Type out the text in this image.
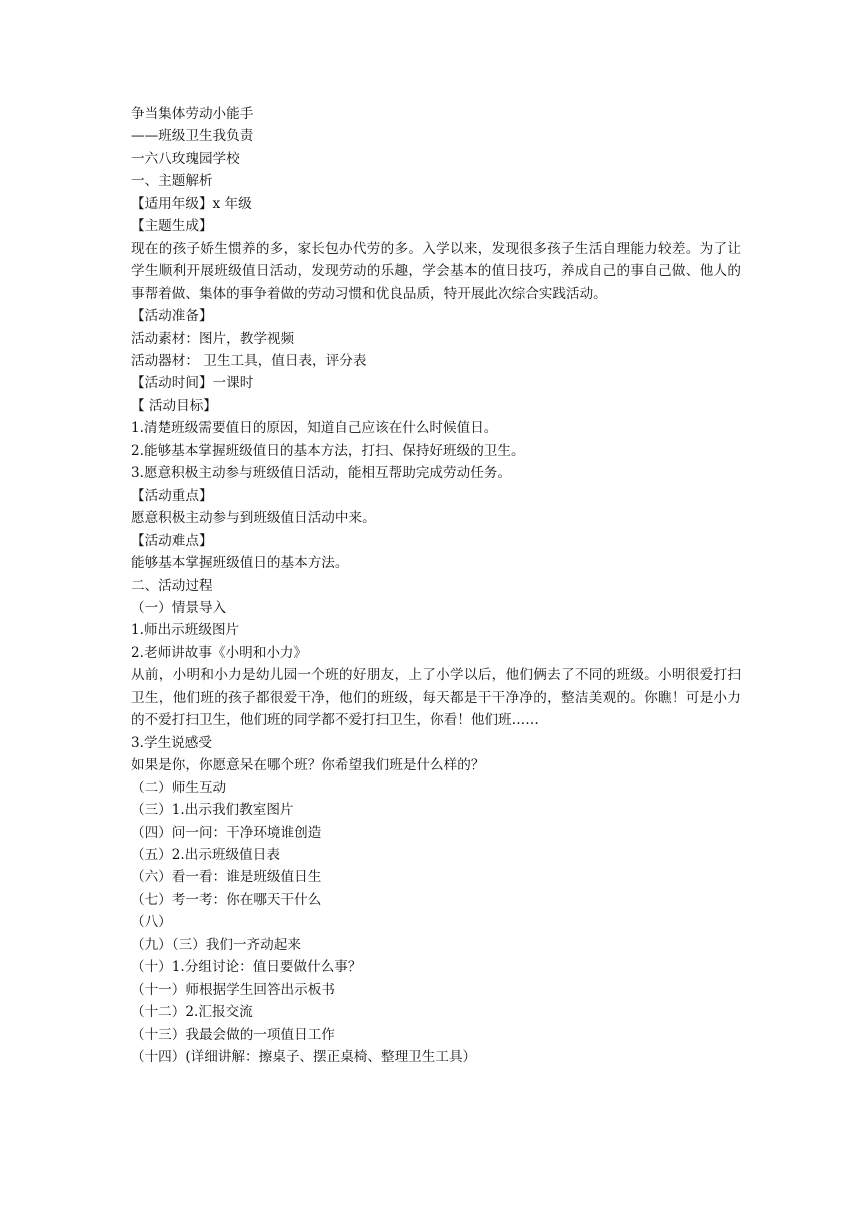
争当集体劳动小能手
——班级卫生我负责
一六八玫瑰园学校
一、主题解析
【适用年级】x 年级
【主题生成】
现在的孩子娇生惯养的多，家长包办代劳的多。入学以来，发现很多孩子生活自理能力较差。为了让学生顺利开展班级值日活动，发现劳动的乐趣，学会基本的值日技巧，养成自己的事自己做、他人的事帮着做、集体的事争着做的劳动习惯和优良品质，特开展此次综合实践活动。
【活动准备】
活动素材：图片，教学视频
活动器材： 卫生工具，值日表，评分表
【活动时间】一课时
【 活动目标】
1.清楚班级需要值日的原因，知道自己应该在什么时候值日。
2.能够基本掌握班级值日的基本方法，打扫、保持好班级的卫生。
3.愿意积极主动参与班级值日活动，能相互帮助完成劳动任务。
【活动重点】
愿意积极主动参与到班级值日活动中来。
【活动难点】
能够基本掌握班级值日的基本方法。
二、活动过程
（一）情景导入
1.师出示班级图片
2.老师讲故事《小明和小力》
从前，小明和小力是幼儿园一个班的好朋友，上了小学以后，他们俩去了不同的班级。小明很爱打扫卫生，他们班的孩子都很爱干净，他们的班级，每天都是干干净净的，整洁美观的。你瞧！可是小力的不爱打扫卫生，他们班的同学都不爱打扫卫生，你看！他们班……
3.学生说感受
如果是你，你愿意呆在哪个班？你希望我们班是什么样的？
（二）师生互动
（三）1.出示我们教室图片
（四）问一问：干净环境谁创造
（五）2.出示班级值日表
（六）看一看：谁是班级值日生
（七）考一考：你在哪天干什么
（八）
（九）（三）我们一齐动起来
（十）1.分组讨论：值日要做什么事？
（十一）师根据学生回答出示板书
（十二）2.汇报交流
（十三）我最会做的一项值日工作
（十四）(详细讲解：擦桌子、摆正桌椅、整理卫生工具）
